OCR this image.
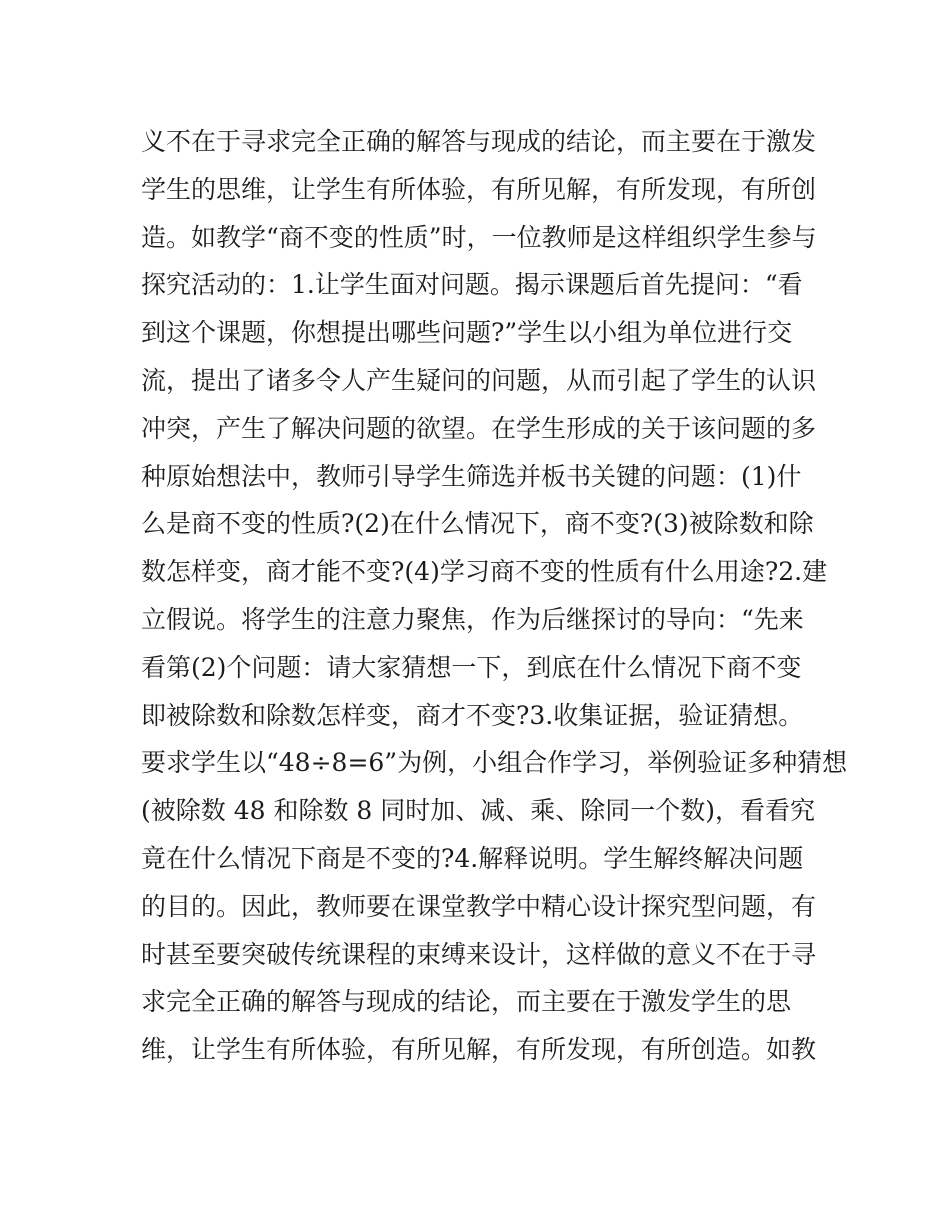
义不在于寻求完全正确的解答与现成的结论，而主要在于激发
学生的思维，让学生有所体验，有所见解，有所发现，有所创
造。如教学“商不变的性质”时，一位教师是这样组织学生参与
探究活动的：1.让学生面对问题。揭示课题后首先提问：“看
到这个课题，你想提出哪些问题?”学生以小组为单位进行交
流，提出了诸多令人产生疑问的问题，从而引起了学生的认识
冲突，产生了解决问题的欲望。在学生形成的关于该问题的多
种原始想法中，教师引导学生筛选并板书关键的问题：(1)什
么是商不变的性质?(2)在什么情况下，商不变?(3)被除数和除
数怎样变，商才能不变?(4)学习商不变的性质有什么用途?2.建
立假说。将学生的注意力聚焦，作为后继探讨的导向：“先来
看第(2)个问题：请大家猜想一下，到底在什么情况下商不变
即被除数和除数怎样变，商才不变?3.收集证据，验证猜想。
要求学生以“48÷8=6”为例，小组合作学习，举例验证多种猜想
(被除数 48 和除数 8 同时加、减、乘、除同一个数)，看看究
竟在什么情况下商是不变的?4.解释说明。学生解终解决问题
的目的。因此，教师要在课堂教学中精心设计探究型问题，有
时甚至要突破传统课程的束缚来设计，这样做的意义不在于寻
求完全正确的解答与现成的结论，而主要在于激发学生的思
维，让学生有所体验，有所见解，有所发现，有所创造。如教
